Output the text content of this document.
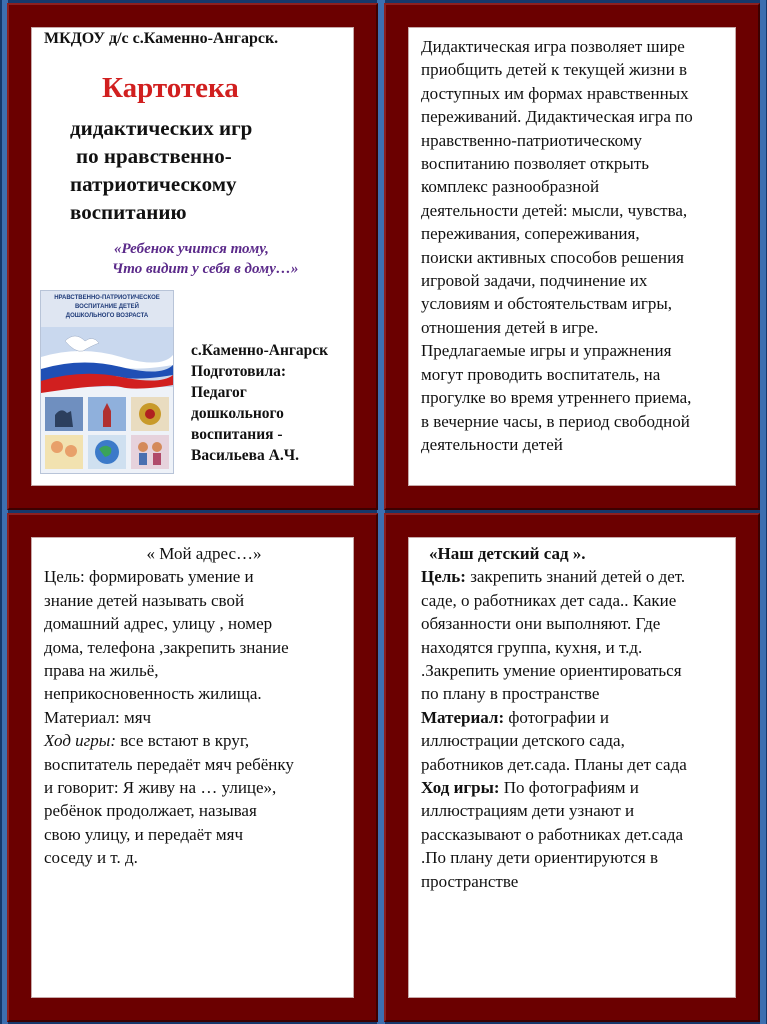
МКДОУ д/с с.Каменно-Ангарск.
Картотека
дидактических игр
по нравственно-
патриотическому
воспитанию
«Ребенок учится тому,
Что видит у себя в дому…»
НРАВСТВЕННО-ПАТРИОТИЧЕСКОЕ
ВОСПИТАНИЕ ДЕТЕЙ
ДОШКОЛЬНОГО ВОЗРАСТА
с.Каменно-Ангарск
Подготовила:
Педагог
дошкольного
воспитания -
Васильева А.Ч.
Дидактическая игра позволяет шире
приобщить детей к текущей жизни в
доступных им формах нравственных
переживаний. Дидактическая игра по
нравственно-патриотическому
воспитанию позволяет открыть
комплекс разнообразной
деятельности детей: мысли, чувства,
переживания, сопереживания,
поиски активных способов решения
игровой задачи, подчинение их
условиям и обстоятельствам игры,
отношения детей в игре.
Предлагаемые игры и упражнения
могут проводить воспитатель, на
прогулке во время утреннего приема,
в вечерние часы, в период свободной
деятельности детей
« Мой адрес…»
Цель: формировать умение и
знание детей называть свой
домашний адрес, улицу , номер
дома, телефона ,закрепить знание
права на жильё,
неприкосновенность жилища.
Материал: мяч
Ход игры: все встают в круг,
воспитатель передаёт мяч ребёнку
и говорит: Я живу на … улице»,
ребёнок продолжает, называя
свою улицу, и передаёт мяч
соседу и т. д.
«Наш детский сад ».
Цель: закрепить знаний детей о дет.
саде, о работниках дет сада.. Какие
обязанности они выполняют. Где
находятся группа, кухня, и т.д.
.Закрепить умение ориентироваться
по плану в пространстве
Материал: фотографии и
иллюстрации детского сада,
работников дет.сада. Планы дет сада
Ход игры: По фотографиям и
иллюстрациям дети узнают и
рассказывают о работниках дет.сада
.По плану дети ориентируются в
пространстве
